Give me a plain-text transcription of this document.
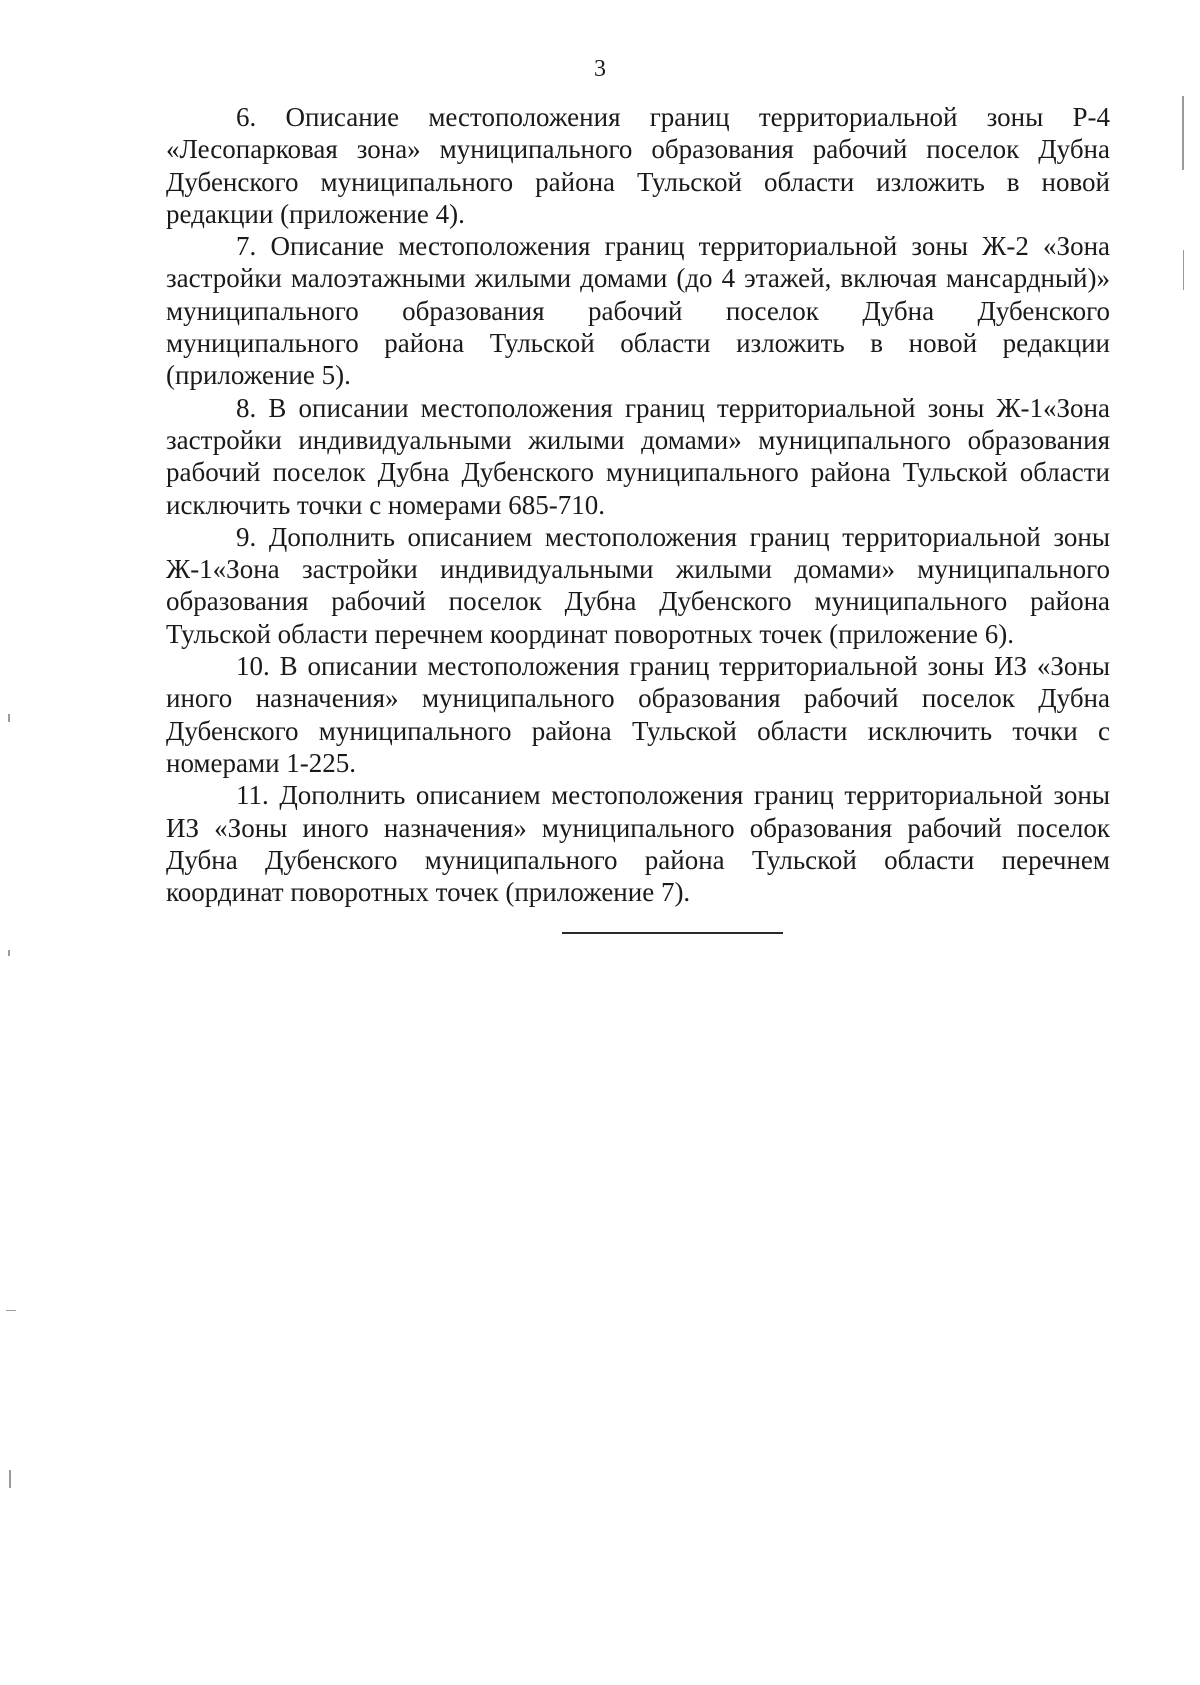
3

6. Описание местоположения границ территориальной зоны Р-4 «Лесопарковая зона» муниципального образования рабочий поселок Дубна Дубенского муниципального района Тульской области изложить в новой редакции (приложение 4).

7. Описание местоположения границ территориальной зоны Ж-2 «Зона застройки малоэтажными жилыми домами (до 4 этажей, включая мансардный)» муниципального образования рабочий поселок Дубна Дубенского муниципального района Тульской области изложить в новой редакции (приложение 5).

8. В описании местоположения границ территориальной зоны Ж-1«Зона застройки индивидуальными жилыми домами» муниципального образования рабочий поселок Дубна Дубенского муниципального района Тульской области исключить точки с номерами 685-710.

9. Дополнить описанием местоположения границ территориальной зоны Ж-1«Зона застройки индивидуальными жилыми домами» муниципального образования рабочий поселок Дубна Дубенского муниципального района Тульской области перечнем координат поворотных точек (приложение 6).

10. В описании местоположения границ территориальной зоны ИЗ «Зоны иного назначения» муниципального образования рабочий поселок Дубна Дубенского муниципального района Тульской области исключить точки с номерами 1-225.

11. Дополнить описанием местоположения границ территориальной зоны ИЗ «Зоны иного назначения» муниципального образования рабочий поселок Дубна Дубенского муниципального района Тульской области перечнем координат поворотных точек (приложение 7).
